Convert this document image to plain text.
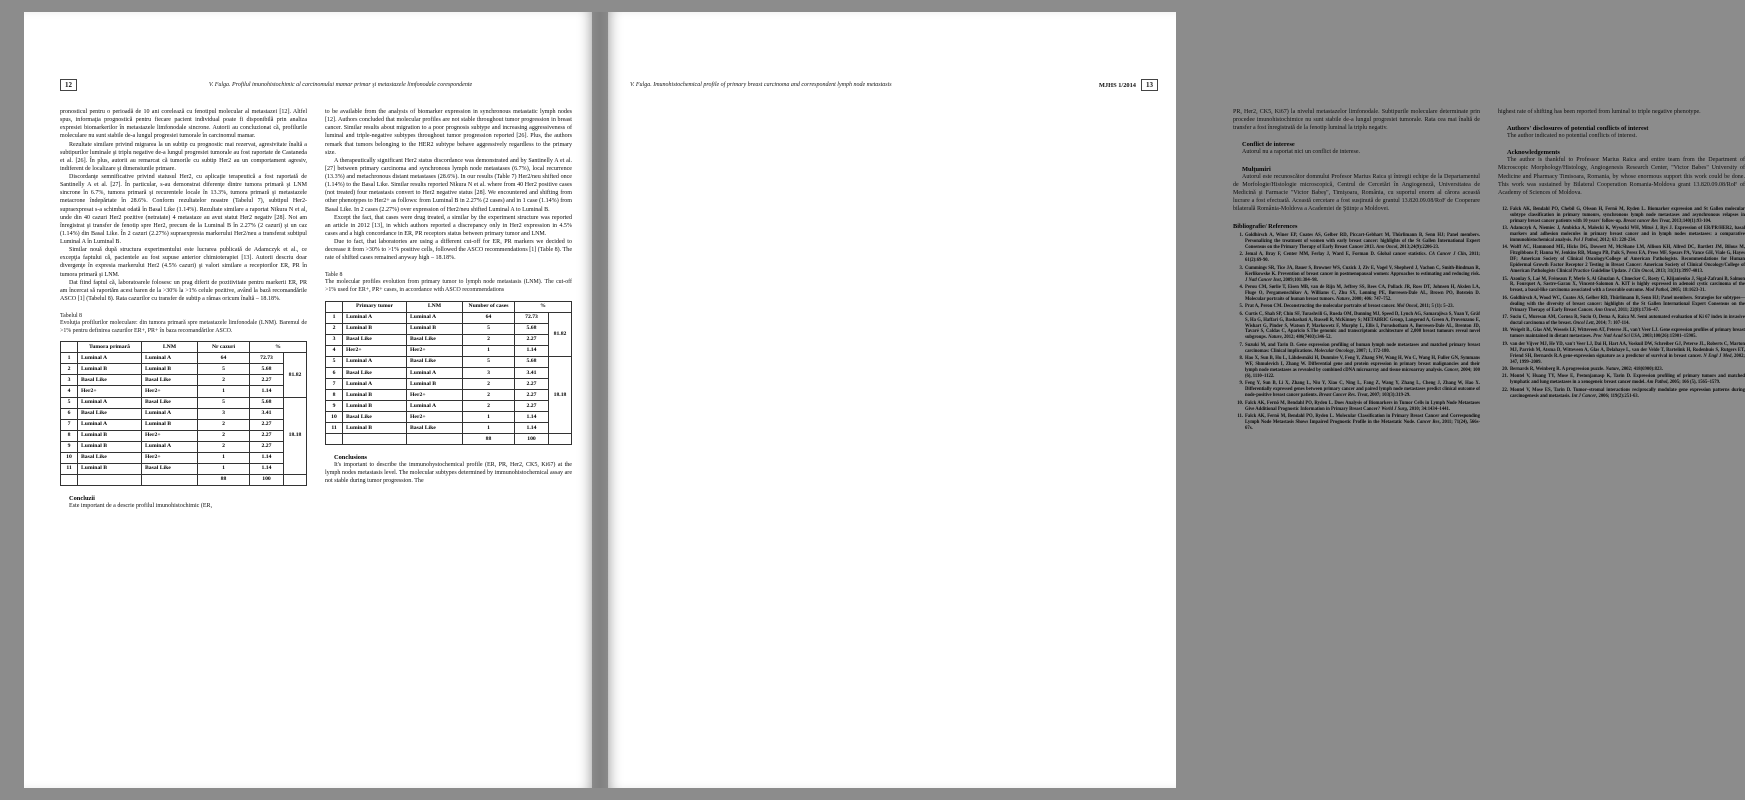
12	V. Fulga. Profilul imunohistochimic al carcinomului mamar primar şi metastazele limfonodale corespondente

pronosticul pentru o perioadă de 10 ani corelează cu fenotipul molecular al metastazei [12]. Altfel spus, informaţia prognostică pentru fiecare pacient individual poate fi disponibilă prin analiza expresiei biomarkerilor în metastazele limfonodale sincrone. Autorii au concluzionat că, profilurile moleculare nu sunt stabile de-a lungul progresiei tumorale în carcinomul mamar.

Rezultate similare privind migrarea la un subtip cu prognostic mai rezervat, agresivitate înaltă a subtipurilor luminale şi triplu negative de-a lungul progresiei tumorale au fost raportate de Castaneda et al. [26]. În plus, autorii au remarcat că tumorile cu subtip Her2 au un comportament agresiv, indiferent de localizare şi dimensiunile primare.

Discordanţe semnificative privind statusul Her2, cu aplicaţie terapeutică a fost raportată de Santinelly A et al. [27]. În particular, s-au demonstrat diferenţe dintre tumora primară şi LNM sincrone în 6.7%, tumora primară şi recurentele locale în 13.3%, tumora primară şi metastazele metacrone îndepărtate în 28.6%. Conform rezultatelor noastre (Tabelul 7), subtipul Her2-supraexpresat s-a schimbat odată în Basal Like (1.14%). Rezultate similare a raportat Nikura N et al, unde din 40 cazuri Her2 pozitive (netratate) 4 metastaze au avut statut Her2 negativ [28]. Noi am înregistrat şi transfer de fenotip spre Her2, precum de la Luminal B în 2.27% (2 cazuri) şi un caz (1.14%) din Basal Like. În 2 cazuri (2.27%) supraexpresia markerului Her2/neu a transferat subtipul Luminal A în Luminal B.

Similar nouă după structura experimentului este lucrarea publicată de Adamczyk et al., ce excepţia faptului că, pacientele au fost supuse anterior chimioterapiei [13]. Autorii descriu doar divergenţe în expresia markerului Her2 (4.5% cazuri) şi valori similare a receptorilor ER, PR în tumora primară şi LNM.

Dat fiind faptul că, laboratoarele folosesc un prag diferit de pozitivitate pentru markerii ER, PR am încercat să raportăm acest baren de la >30% la >1% celule pozitive, având la bază recomandările ASCO [1] (Tabelul 8). Rata cazurilor cu transfer de subtip a rămas oricum înaltă – 18.18%.

Tabelul 8
Evoluţia profilurilor moleculare: din tumora primară spre metastazele limfonodale (LNM). Baremul de >1% pentru definirea cazurilor ER+, PR+ în baza recomandărilor ASCO.
	Tumora primară	LNM	Nr cazuri	%	
1	Luminal A	Luminal A	64	72.73	81.82
2	Luminal B	Luminal B	5	5.68	
3	Basal Like	Basal Like	2	2.27	
4	Her2+	Her2+	1	1.14	
5	Luminal A	Basal Like	5	5.68	18.18
6	Basal Like	Luminal A	3	3.41	
7	Luminal A	Luminal B	2	2.27	
8	Luminal B	Her2+	2	2.27	
9	Luminal B	Luminal A	2	2.27	
10	Basal Like	Her2+	1	1.14	
11	Luminal B	Basal Like	1	1.14	
			88	100	
Concluzii

Este important de a descrie profilul imunohistochimic (ER,

to be available from the analysis of biomarker expression in synchronous metastatic lymph nodes [12]. Authors concluded that molecular profiles are not stable throughout tumor progression in breast cancer. Similar results about migration to a poor prognosis subtype and increasing aggressiveness of luminal and triple-negative subtypes throughout tumor progression reported [26]. Plus, the authors remark that tumors belonging to the HER2 subtype behave aggressively regardless to the primary size.

A therapeutically significant Her2 status discordance was demonstrated and by Santinelly A et al. [27] between primary carcinoma and synchronous lymph node metastases (6.7%), local recurrence (13.3%) and metachronous distant metastases (28.6%). In our results (Table 7) Her2/neu shifted once (1.14%) to the Basal Like. Similar results reported Nikura N et al. where from 40 Her2 positive cases (not treated) four metastasis convert to Her2 negative status [28]. We encountered and shifting from other phenotypes to Her2+ as follows: from Luminal B in 2.27% (2 cases) and in 1 case (1.14%) from Basal Like. In 2 cases (2.27%) over expression of Her2/neu shifted Luminal A to Luminal B.

Except the fact, that cases were drug treated, a similar by the experiment structure was reported an article in 2012 [13], in which authors reported a discrepancy only in Her2 expression in 4.5% cases and a high concordance in ER, PR receptors status between primary tumor and LNM.

Due to fact, that laboratories are using a different cut-off for ER, PR markers we decided to decrease it from >30% to >1% positive cells, followed the ASCO recommendations [1] (Table 8). The rate of shifted cases remained anyway high – 18.18%.

Table 8
The molecular profiles evolution from primary tumor to lymph node metastasis (LNM). The cut-off >1% used for ER+, PR+ cases, in accordance with ASCO recommendations
	Primary tumor	LNM	Number of cases	%	
1	Luminal A	Luminal A	64	72.73	81.82
2	Luminal B	Luminal B	5	5.68	
3	Basal Like	Basal Like	2	2.27	
4	Her2+	Her2+	1	1.14	
5	Luminal A	Basal Like	5	5.68	18.18
6	Basal Like	Luminal A	3	3.41	
7	Luminal A	Luminal B	2	2.27	
8	Luminal B	Her2+	2	2.27	
9	Luminal B	Luminal A	2	2.27	
10	Basal Like	Her2+	1	1.14	
11	Luminal B	Basal Like	1	1.14	
			88	100	
Conclusions

It's important to describe the immunohystochemical profile (ER, PR, Her2, CK5, Ki67) at the lymph nodes metastasis level. The molecular subtypes determined by immunohistochemical assay are not stable during tumor progression. The

V. Fulga. Imunohistochemical profile of primary breast carcinoma and correspondent lymph node metastasis	MJHS 1/2014	13

PR, Her2, CK5, Ki67) la nivelul metastazelor limfonodale. Subtipurile moleculare determinate prin procedee imunohistochimice nu sunt stabile de-a lungul progresiei tumorale. Rata cea mai înaltă de transfer a fost înregistrată de la fenotip luminal la triplu negativ.

Conflict de interese

Autorul nu a raportat nici un conflict de interese.

Mulţumiri

Autorul este recunoscător domnului Profesor Marius Raica şi întregii echipe de la Departamentul de Morfologie/Histologie microscopică, Centrul de Cercetări în Angiogeneză, Universitatea de Medicină şi Farmacie "Victor Babeş", Timişoara, România, cu suportul enorm al cărora această lucrare a fost efectuată. Această cercetare a fost susţinută de grantul 13.820.09.08/RoF de Cooperare bilaterală România-Moldova a Academiei de Ştiinţe a Moldovei.

Bibliografie/ References
Goldhirsch A, Winer EP, Coates AS, Gelber RD, Piccart-Gebhart M, Thürlimann B, Senn HJ; Panel members. Personalizing the treatment of women with early breast cancer: highlights of the St Gallen International Expert Consensus on the Primary Therapy of Early Breast Cancer 2013. Ann Oncol, 2013;24(9):2206-23.
Jemal A, Bray F, Center MM, Ferlay J, Ward E, Forman D. Global cancer statistics. CA Cancer J Clin, 2011; 61(2):69-90.
Cummings SR, Tice JA, Bauer S, Browner WS, Cuzick J, Ziv E, Vogel V, Shepherd J, Vachon C, Smith-Bindman R, Kerlikowske K. Prevention of breast cancer in postmenopausal women: Approaches to estimating and reducing risk. J Natl Cancer Inst, 2009;101:384–98.
Perou CM, Sørlie T, Eisen MB, van de Rijn M, Jeffrey SS, Rees CA, Pollack JR, Ross DT, Johnsen H, Akslen LA, Fluge O, Pergamenschikov A, Williams C, Zhu SX, Lønning PE, Børresen-Dale AL, Brown PO, Botstein D. Molecular portraits of human breast tumors. Nature, 2000; 406: 747–752.
Prat A, Perou CM. Deconstructing the molecular portraits of breast cancer. Mol Oncol, 2011; 5 (1): 5–23.
Curtis C, Shah SP, Chin SF, Turashvili G, Rueda OM, Dunning MJ, Speed D, Lynch AG, Samarajiwa S, Yuan Y, Gräf S, Ha G, Haffari G, Bashashati A, Russell R, McKinney S; METABRIC Group, Langerød A, Green A, Provenzano E, Wishart G, Pinder S, Watson P, Markowetz F, Murphy L, Ellis I, Purushotham A, Børresen-Dale AL, Brenton JD, Tavaré S, Caldas C, Aparicio S.The genomic and transcriptomic architecture of 2,000 breast tumours reveal novel subgroups. Nature, 2012; 486(7403):346-52.
Suzuki M, and Tarin D. Gene expression profiling of human lymph node metastases and matched primary breast carcinomas: Clinical implications. Molecular Oncology, 2007; 1, 172-180.
Hao X, Sun B, Hu L, Lähdesmäki H, Dunmire V, Feng Y, Zhang SW, Wang H, Wu C, Wang H, Fuller GN, Symmans WF, Shmulevich I, Zhang W. Differential gene and protein expression in primary breast malignancies and their lymph node metastases as revealed by combined cDNA microarray and tissue microarray analysis. Cancer, 2004; 100 (6), 1110–1122.
Feng Y, Sun B, Li X, Zhang L, Niu Y, Xiao C, Ning L, Fang Z, Wang Y, Zhang L, Cheng J, Zhang W, Hao X. Differentially expressed genes between primary cancer and paired lymph node metastases predict clinical outcome of node-positive breast cancer patients. Breast Cancer Res. Treat, 2007; 103(3):319-29.
Falck AK, Fernö M, Bendahl PO, Ryden L. Does Analysis of Biomarkers in Tumor Cells in Lymph Node Metastases Give Additional Prognostic Information in Primary Breast Cancer? World J Surg, 2010; 34:1434–1441.
Falck AK, Fernö M, Bendahl PO, Ryden L. Molecular Classification in Primary Breast Cancer and Corresponding Lymph Node Metastasis Shows Impaired Prognostic Profile in the Metastatic Node. Cancer Res, 2011; 71(24), 566s-67s.

highest rate of shifting has been reported from luminal to triple negative phenotype.

Authors' disclosures of potential conflicts of interest

The author indicated no potential conflicts of interest.

Acknowledgements

The author is thankful to Professor Marius Raica and entire team from the Department of Microscopic Morphology/Histology, Angiogenesis Research Center, "Victor Babes" University of Medicine and Pharmacy Timisoara, Romania, by whose enormous support this work could be done. This work was sustained by Bilateral Cooperation Romania-Moldova grant 13.820.09.08/RoF of Academy of Sciences of Moldova.

Falck AK, Bendahl PO, Chebil G, Olsson H, Fernö M, Ryden L. Biomarker expression and St Gallen molecular subtype classification in primary tumours, synchronous lymph node metastases and asynchronous relapses in primary breast cancer patients with 10 years' follow-up. Breast cancer Res Treat, 2013;140(1):93-104.
Adamczyk A, Niemiec J, Ambicka A, Małecki K, Wysocki WH, Mituś J, Ryś J. Expression of ER/PR/HER2, basal markers and adhesion molecules in primary breast cancer and in lymph nodes metastases: a comparative immunohistochemical analysis. Pol J Pathol, 2012; 63: 228-234.
Wolff AC, Hammond ME, Hicks DG, Dowsett M, McShane LM, Allison KH, Allred DC, Bartlett JM, Bilous M, Fitzgibbons P, Hanna W, Jenkins RB, Mangu PB, Paik S, Perez EA, Press MF, Spears PA, Vance GH, Viale G, Hayes DF; American Society of Clinical Oncology/College of American Pathologists. Recommendations for Human Epidermal Growth Factor Receptor 2 Testing in Breast Cancer: American Society of Clinical Oncology/College of American Pathologists Clinical Practice Guideline Update. J Clin Oncol, 2013; 31(31):3997-4013.
Azoulay S, Laé M, Fréneaux P, Merle S, Al Ghuzlan A, Chnecker C, Rosty C, Klijanienko J, Sigal-Zafrani B, Salmon R, Fourquet A, Sastre-Garau X, Vincent-Salomon A. KIT is highly expressed in adenoid cystic carcinoma of the breast, a basal-like carcinoma associated with a favorable outcome. Mod Pathol, 2005; 18:1623-31.
Goldhirsch A, Wood WC, Coates AS, Gelber RD, Thürlimann B, Senn HJ; Panel members. Strategies for subtypes—dealing with the diversity of breast cancer: highlights of the St Gallen International Expert Consensus on the Primary Therapy of Early Breast Cancer. Ann Oncol, 2011; 22(8):1736–47.
Suciu C, Muresan AM, Cornea R, Suciu O, Dema A, Raica M. Semi automated evaluation of Ki 67 index in invasive ductal carcinoma of the breast. Oncol Lett, 2014; 7: 107-114.
Weigelt B., Glas AM, Wessels LF, Witteveen AT, Peterse JL, van't Veer LJ. Gene expression profiles of primary breast tumors maintained in distant metastases. Proc Natl Acad Sci USA, 2003;100(26):15901–15905.
van der Vijver MJ, He YD, van't Veer LJ, Dai H, Hart AA, Voskuil DW, Schreiber GJ, Peterse JL, Roberts C, Marton MJ, Parrish M, Atsma D, Witteveen A, Glas A, Delahaye L, van der Velde T, Bartelink H, Rodenhuis S, Rutgers ET, Friend SH, Bernards R.A gene-expression signature as a predictor of survival in breast cancer. N Engl J Med, 2002; 347, 1999–2009.
Bernards R, Weinberg R. A progression puzzle. Nature, 2002; 418(6900):823.
Montel V, Huang TY, Mose E, Pestonjamasp K, Tarin D. Expression profiling of primary tumors and matched lymphatic and lung metastases in a xenogeneic breast cancer model. Am Pathol, 2005; 166 (5), 1565–1579.
Montel V, Mose ES, Tarin D. Tumor–stromal interactions reciprocally modulate gene expression patterns during carcinogenesis and metastasis. Int J Cancer, 2006; 119(2):251-63.
